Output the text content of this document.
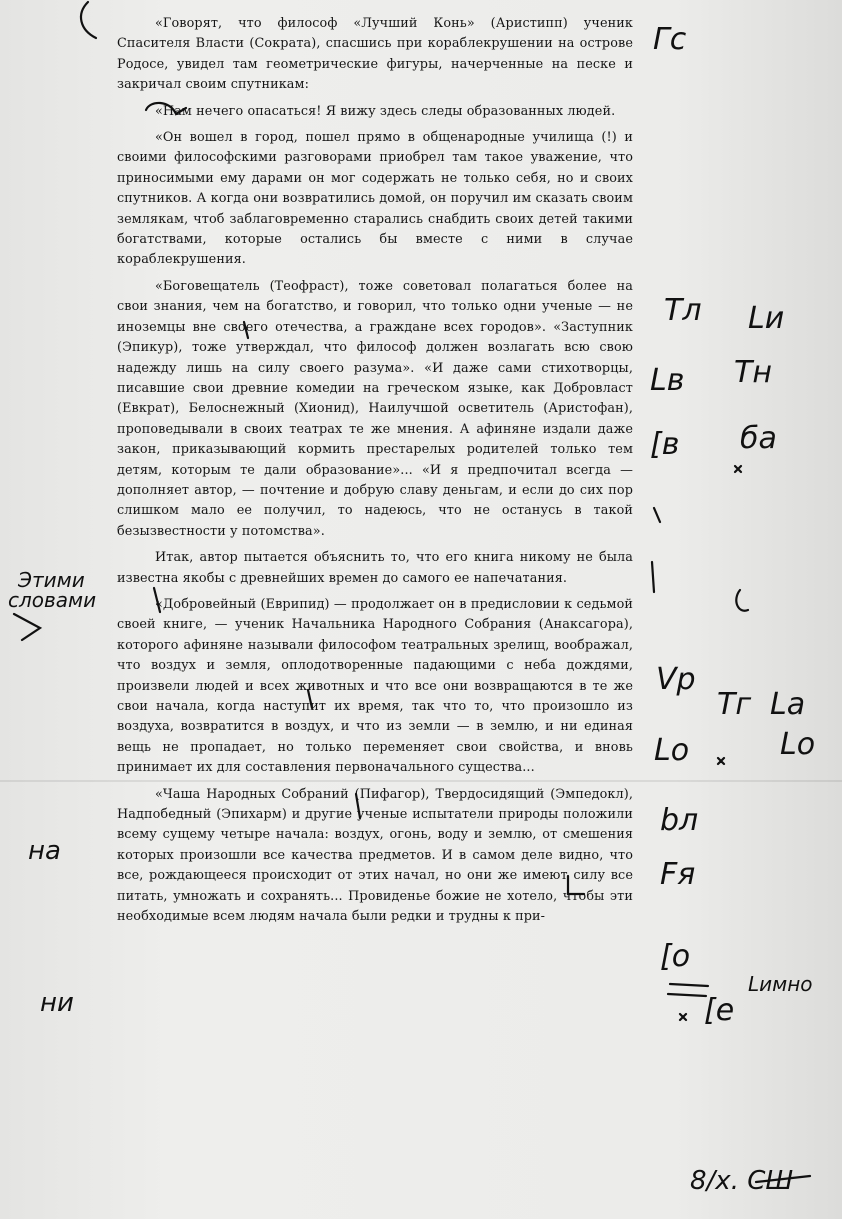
«Говорят, что философ «Лучший Конь» (Аристипп) ученик Спасителя Власти (Сократа), спасшись при кораблекрушении на острове Родосе, увидел там геометрические фигуры, начерченные на песке и закричал своим спутникам:

«Нам нечего опасаться! Я вижу здесь следы образованных людей.

«Он вошел в город, пошел прямо в общенародные училища (!) и своими философскими разговорами приобрел там такое уважение, что приносимыми ему дарами он мог содержать не только себя, но и своих спутников. А когда они возвратились домой, он поручил им сказать своим землякам, чтоб заблаговременно старались снабдить своих детей такими богатствами, которые остались бы вместе с ними в случае кораблекрушения.

«Боговещатель (Теофраст), тоже советовал полагаться более на свои знания, чем на богатство, и говорил, что только одни ученые — не иноземцы вне своего отечества, а граждане всех городов». «Заступник (Эпикур), тоже утверждал, что философ должен возлагать всю свою надежду лишь на силу своего разума». «И даже сами стихотворцы, писавшие свои древние комедии на греческом языке, как Добровласт (Евкрат), Белоснежный (Хионид), Наилучшой осветитель (Аристофан), проповедывали в своих театрах те же мнения. А афиняне издали даже закон, приказывающий кормить престарелых родителей только тем детям, которым те дали образование»... «И я предпочитал всегда — дополняет автор, — почтение и добрую славу деньгам, и если до сих пор слишком мало ее получил, то надеюсь, что не останусь в такой безызвестности у потомства».

Итак, автор пытается объяснить то, что его книга никому не была известна якобы с древнейших времен до самого ее напечатания.

«Добровейный (Еврипид) — продолжает он в предисловии к седьмой своей книге, — ученик Начальника Народного Собрания (Анаксагора), которого афиняне называли философом театральных зрелищ, воображал, что воздух и земля, оплодотворенные падающими с неба дождями, произвели людей и всех животных и что все они возвращаются в те же свои начала, когда наступит их время, так что то, что произошло из воздуха, возвратится в воздух, и что из земли — в землю, и ни единая вещь не пропадает, но только переменяет свои свойства, и вновь принимает их для составления первоначального существа...

«Чаша Народных Собраний (Пифагор), Твердосидящий (Эмпедокл), Надпобедный (Эпихарм) и другие ученые испытатели природы положили всему сущему четыре начала: воздух, огонь, воду и землю, от смешения которых произошли все качества предметов. И в самом деле видно, что все, рождающееся происходит от этих начал, но они же имеют силу все питать, умножать и сохранять... Провиденье божие не хотело, чтобы эти необходимые всем людям начала были редки и трудны к при-

Гс
Тл Lи
Lв Тн
[в ба
Vр
Тг La
Lo
Lo
bл
Fя
[o
Lимно
[е
Этими
словами
на
ни
8/х. СШ
